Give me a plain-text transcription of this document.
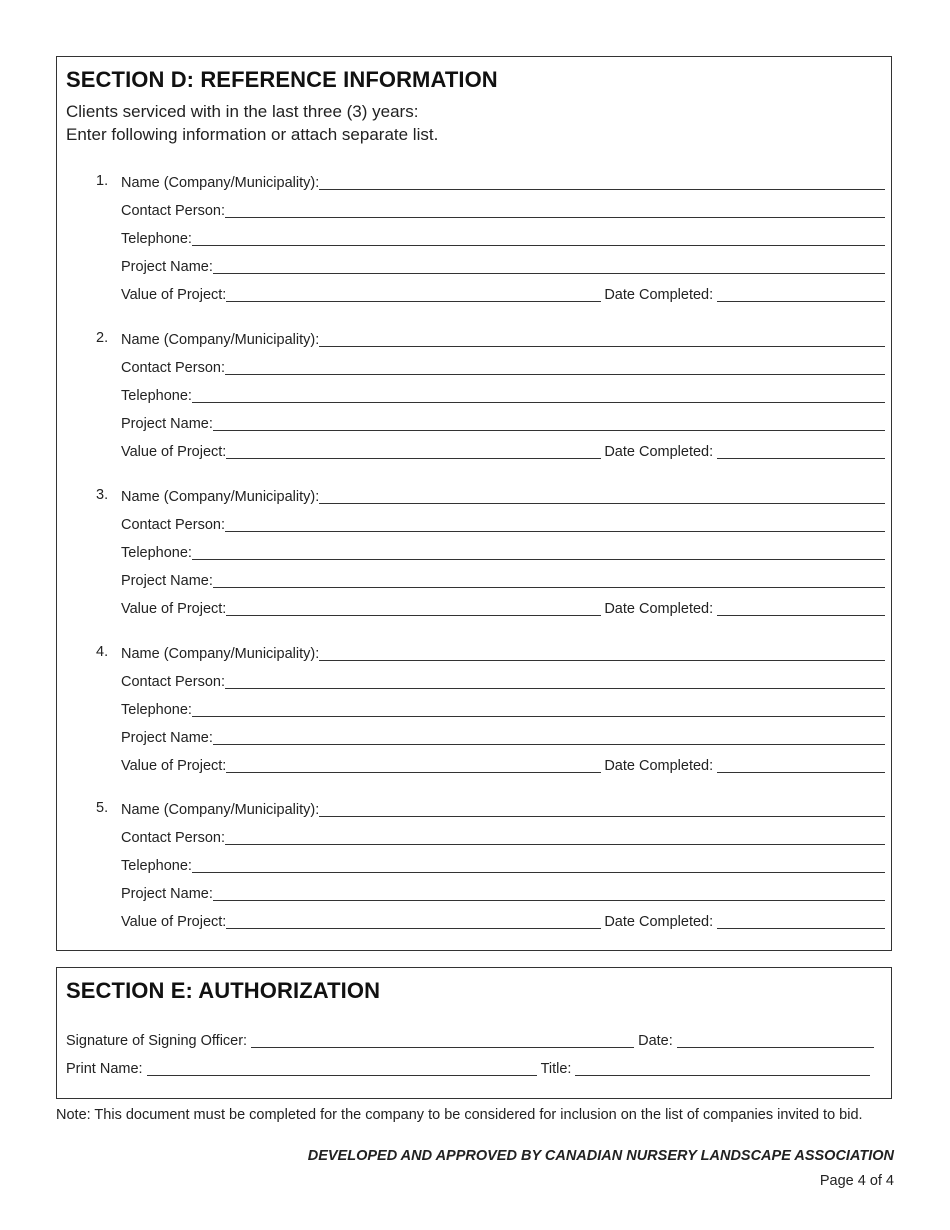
SECTION D: REFERENCE INFORMATION
Clients serviced with in the last three (3) years:
Enter following information or attach separate list.
1. Name (Company/Municipality):
Contact Person:
Telephone:
Project Name:
Value of Project:	Date Completed:
2. Name (Company/Municipality):
Contact Person:
Telephone:
Project Name:
Value of Project:	Date Completed:
3. Name (Company/Municipality):
Contact Person:
Telephone:
Project Name:
Value of Project:	Date Completed:
4. Name (Company/Municipality):
Contact Person:
Telephone:
Project Name:
Value of Project:	Date Completed:
5. Name (Company/Municipality):
Contact Person:
Telephone:
Project Name:
Value of Project:	Date Completed:
SECTION E: AUTHORIZATION
Signature of Signing Officer:	Date:
Print Name:	Title:
Note: This document must be completed for the company to be considered for inclusion on the list of companies invited to bid.
DEVELOPED AND APPROVED BY CANADIAN NURSERY LANDSCAPE ASSOCIATION
Page 4 of 4
